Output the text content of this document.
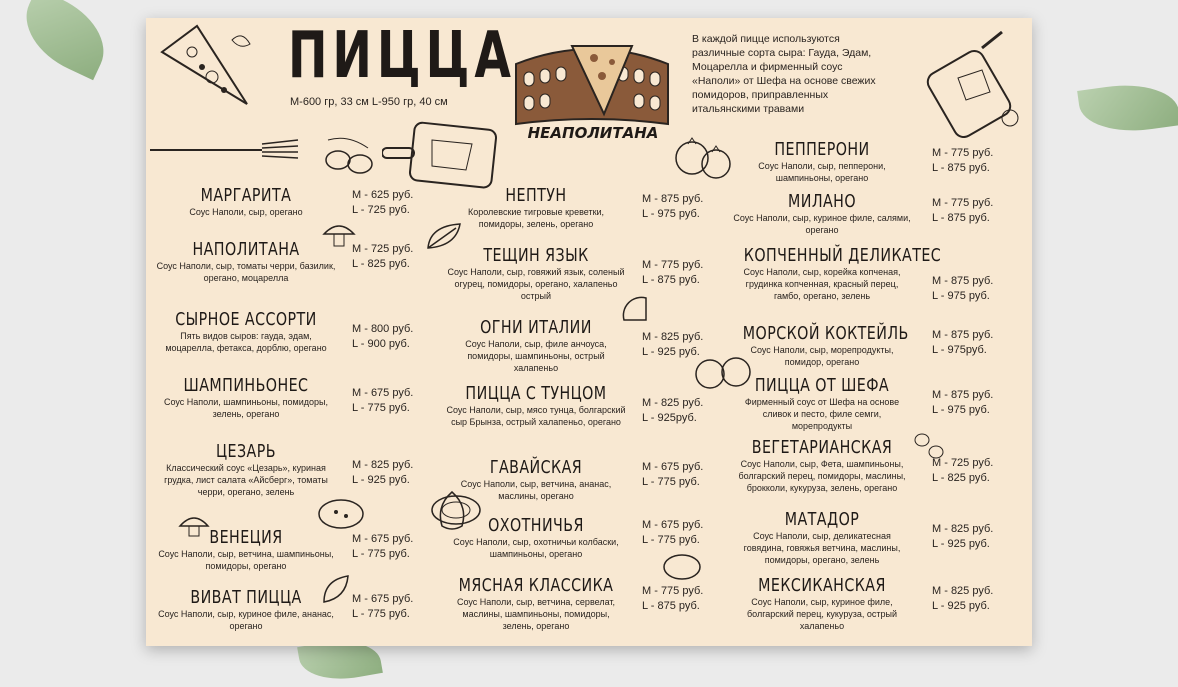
ПИЦЦА
M-600 гр, 33 см L-950 гр, 40 см
НЕАПОЛИТАНА
В каждой пицце используются различные сорта сыра: Гауда, Эдам, Моцарелла и фирменный соус «Наполи» от Шефа на основе свежих помидоров, приправленных итальянскими травами
МАРГАРИТА
Соус Наполи, сыр, орегано
M - 625 руб.
L - 725 руб.
НАПОЛИТАНА
Соус Наполи, сыр, томаты черри, базилик, орегано, моцарелла
M - 725 руб.
L - 825 руб.
СЫРНОЕ АССОРТИ
Пять видов сыров: гауда, эдам, моцарелла, фетакса, дорблю, орегано
M - 800 руб.
L - 900 руб.
ШАМПИНЬОНЕС
Соус Наполи, шампиньоны, помидоры, зелень, орегано
M - 675 руб.
L - 775 руб.
ЦЕЗАРЬ
Классический соус «Цезарь», куриная грудка, лист салата «Айсберг», томаты черри, орегано, зелень
M - 825 руб.
L - 925 руб.
ВЕНЕЦИЯ
Соус Наполи, сыр, ветчина, шампиньоны, помидоры, орегано
M - 675 руб.
L - 775 руб.
ВИВАТ ПИЦЦА
Соус Наполи, сыр, куриное филе, ананас, орегано
M - 675 руб.
L - 775 руб.
НЕПТУН
Королевские тигровые креветки, помидоры, зелень, орегано
M - 875 руб.
L - 975 руб.
ТЕЩИН ЯЗЫК
Соус Наполи, сыр, говяжий язык, соленый огурец, помидоры, орегано, халапеньо острый
M - 775 руб.
L - 875 руб.
ОГНИ ИТАЛИИ
Соус Наполи, сыр, филе анчоуса, помидоры, шампиньоны, острый халапеньо
M - 825 руб.
L - 925 руб.
ПИЦЦА С ТУНЦОМ
Соус Наполи, сыр, мясо тунца, болгарский сыр Брынза, острый халапеньо, орегано
M - 825 руб.
L - 925руб.
ГАВАЙСКАЯ
Соус Наполи, сыр, ветчина, ананас, маслины, орегано
M - 675 руб.
L - 775 руб.
ОХОТНИЧЬЯ
Соус Наполи, сыр, охотничьи колбаски, шампиньоны, орегано
M - 675 руб.
L - 775 руб.
МЯСНАЯ КЛАССИКА
Соус Наполи, сыр, ветчина, сервелат, маслины, шампиньоны, помидоры, зелень, орегано
M - 775 руб.
L - 875 руб.
ПЕППЕРОНИ
Соус Наполи, сыр, пепперони, шампиньоны, орегано
M - 775 руб.
L - 875 руб.
МИЛАНО
Соус Наполи, сыр, куриное филе, салями, орегано
M - 775 руб.
L - 875 руб.
КОПЧЕННЫЙ ДЕЛИКАТЕС
Соус Наполи, сыр, корейка копченая, грудинка копченная, красный перец, гамбо, орегано, зелень
M - 875 руб.
L - 975 руб.
МОРСКОЙ КОКТЕЙЛЬ
Соус Наполи, сыр, морепродукты, помидор, орегано
M - 875 руб.
L - 975руб.
ПИЦЦА ОТ ШЕФА
Фирменный соус от Шефа на основе сливок и песто, филе семги, морепродукты
M - 875 руб.
L - 975 руб.
ВЕГЕТАРИАНСКАЯ
Соус Наполи, сыр, Фета, шампиньоны, болгарский перец, помидоры, маслины, брокколи, кукуруза, зелень, орегано
M - 725 руб.
L - 825 руб.
МАТАДОР
Соус Наполи, сыр, деликатесная говядина, говяжья ветчина, маслины, помидоры, орегано, зелень
M - 825 руб.
L - 925 руб.
МЕКСИКАНСКАЯ
Соус Наполи, сыр, куриное филе, болгарский перец, кукуруза, острый халапеньо
M - 825 руб.
L - 925 руб.
